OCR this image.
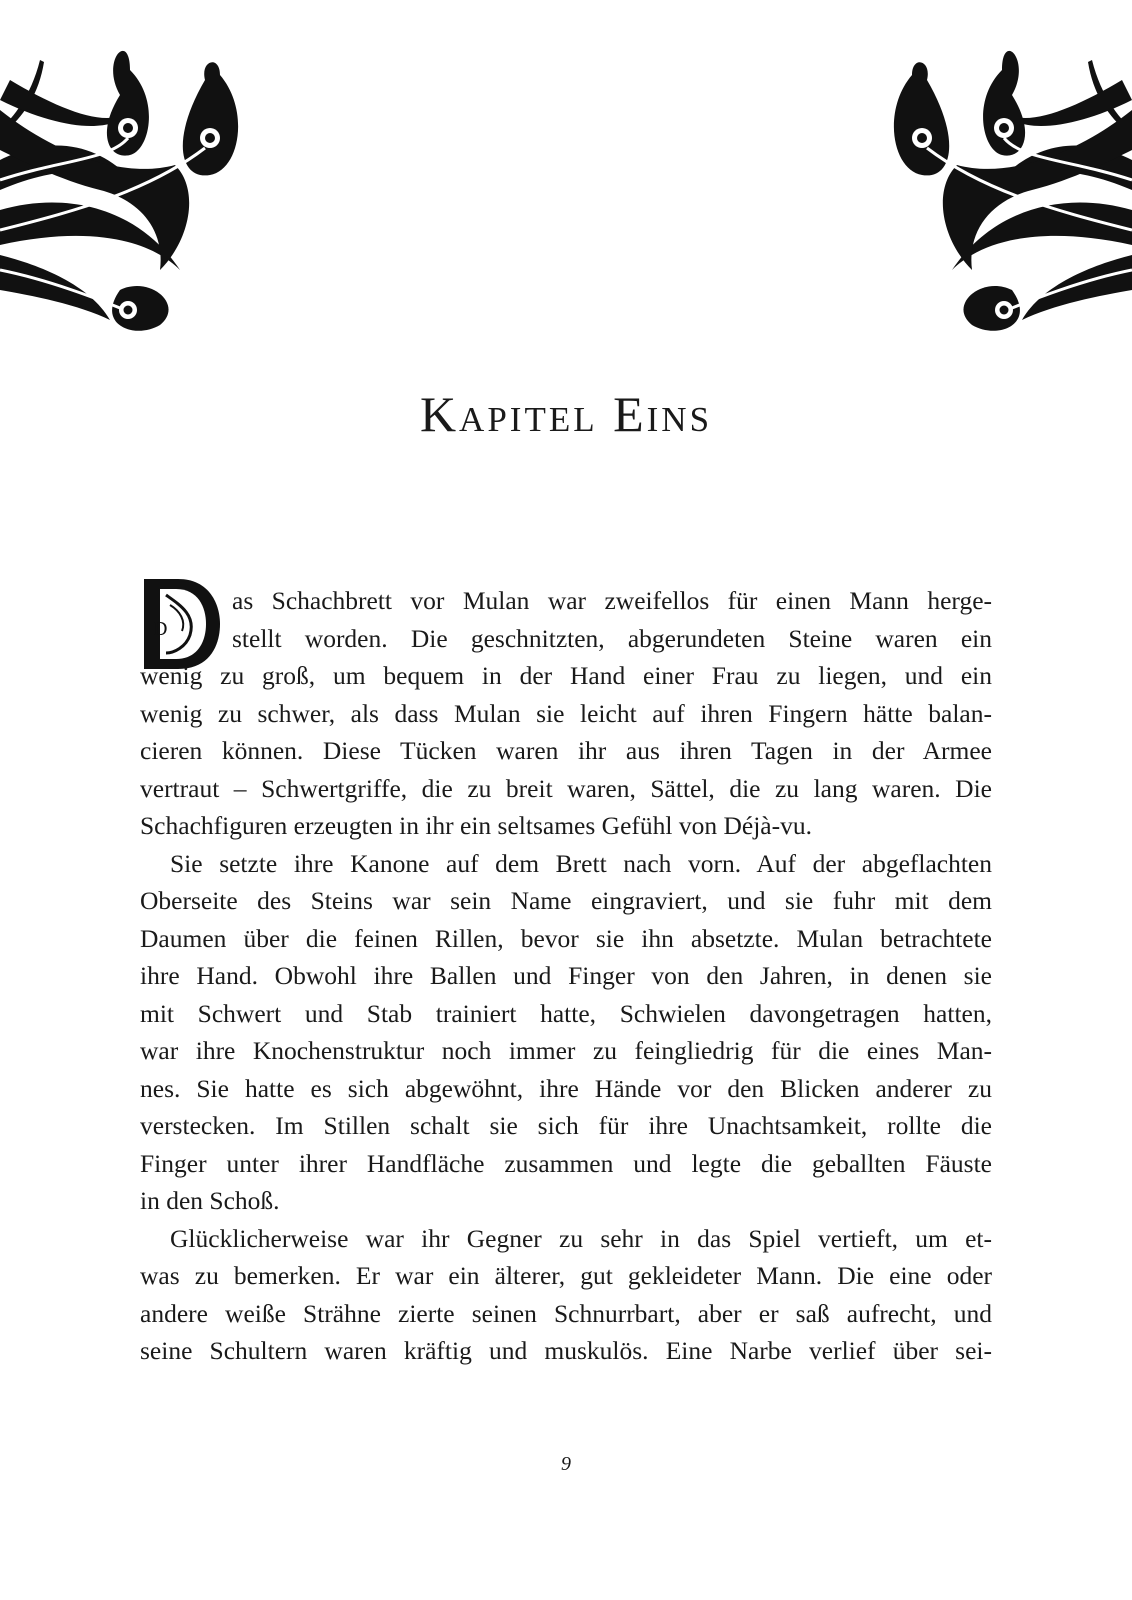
Kapitel Eins
D
as Schachbrett vor Mulan war zweifellos für einen Mann herge-
stellt worden. Die geschnitzten, abgerundeten Steine waren ein
wenig zu groß, um bequem in der Hand einer Frau zu liegen, und ein
wenig zu schwer, als dass Mulan sie leicht auf ihren Fingern hätte balan-
cieren können. Diese Tücken waren ihr aus ihren Tagen in der Armee
vertraut – Schwertgriffe, die zu breit waren, Sättel, die zu lang waren. Die
Schachfiguren erzeugten in ihr ein seltsames Gefühl von Déjà-vu.
Sie setzte ihre Kanone auf dem Brett nach vorn. Auf der abgeflachten
Oberseite des Steins war sein Name eingraviert, und sie fuhr mit dem
Daumen über die feinen Rillen, bevor sie ihn absetzte. Mulan betrachtete
ihre Hand. Obwohl ihre Ballen und Finger von den Jahren, in denen sie
mit Schwert und Stab trainiert hatte, Schwielen davongetragen hatten,
war ihre Knochenstruktur noch immer zu feingliedrig für die eines Man-
nes. Sie hatte es sich abgewöhnt, ihre Hände vor den Blicken anderer zu
verstecken. Im Stillen schalt sie sich für ihre Unachtsamkeit, rollte die
Finger unter ihrer Handfläche zusammen und legte die geballten Fäuste
in den Schoß.
Glücklicherweise war ihr Gegner zu sehr in das Spiel vertieft, um et-
was zu bemerken. Er war ein älterer, gut gekleideter Mann. Die eine oder
andere weiße Strähne zierte seinen Schnurrbart, aber er saß aufrecht, und
seine Schultern waren kräftig und muskulös. Eine Narbe verlief über sei-
9
